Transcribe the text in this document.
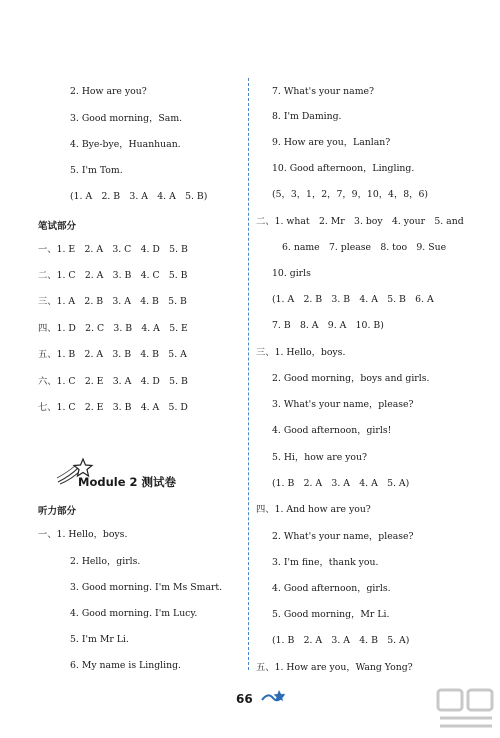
2. How are you?
3. Good morning，Sam.
4. Bye-bye，Huanhuan.
5. I'm Tom.
(1. A　2. B　3. A　4. A　5. B)
一、1. E　2. A　3. C　4. D　5. B
二、1. C　2. A　3. B　4. C　5. B
三、1. A　2. B　3. A　4. B　5. B
四、1. D　2. C　3. B　4. A　5. E
五、1. B　2. A　3. B　4. B　5. A
六、1. C　2. E　3. A　4. D　5. B
七、1. C　2. E　3. B　4. A　5. D
一、1. Hello，boys.
2. Hello，girls.
3. Good morning. I'm Ms Smart.
4. Good morning. I'm Lucy.
5. I'm Mr Li.
6. My name is Lingling.
7. What's your name?
8. I'm Daming.
9. How are you，Lanlan?
10. Good afternoon，Lingling.
(5，3，1，2，7，9，10，4，8，6)
二、1. what　2. Mr　3. boy　4. your　5. and
6. name　7. please　8. too　9. Sue
10. girls
(1. A　2. B　3. B　4. A　5. B　6. A
7. B　8. A　9. A　10. B)
三、1. Hello，boys.
2. Good morning，boys and girls.
3. What's your name，please?
4. Good afternoon，girls!
5. Hi，how are you?
(1. B　2. A　3. A　4. A　5. A)
四、1. And how are you?
2. What's your name，please?
3. I'm fine，thank you.
4. Good afternoon，girls.
5. Good morning，Mr Li.
(1. B　2. A　3. A　4. B　5. A)
五、1. How are you，Wang Yong?
Module 2 测试卷
笔试部分
听力部分
66
